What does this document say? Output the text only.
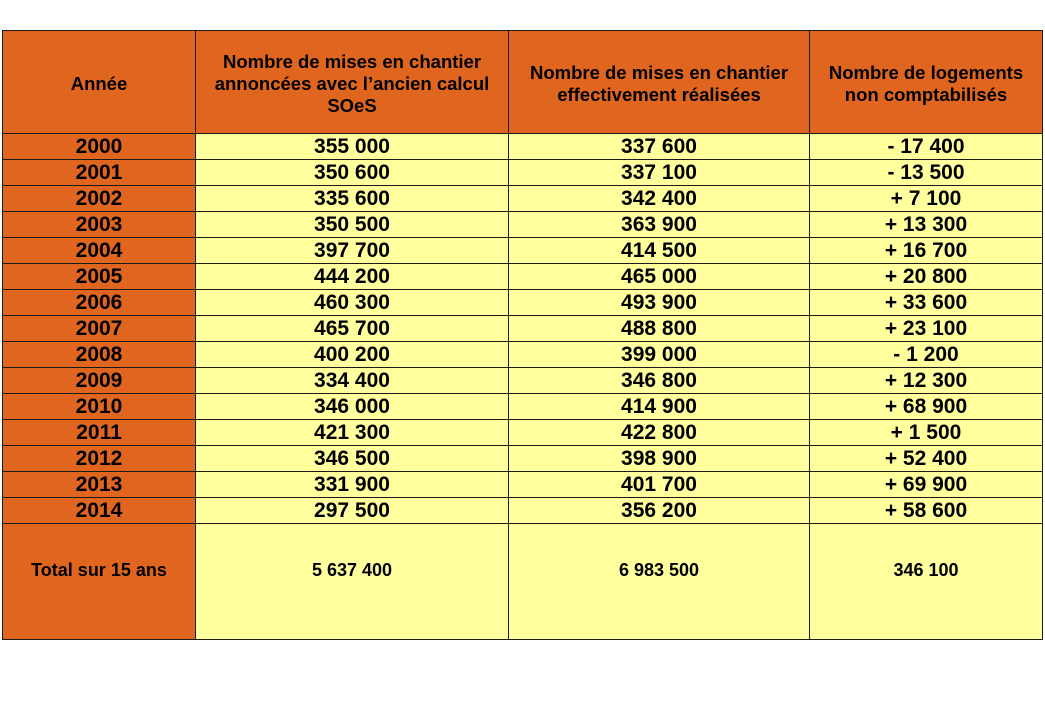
Année	Nombre de mises en chantier annoncées avec l’ancien calcul SOeS	Nombre de mises en chantier effectivement réalisées	Nombre de logements non comptabilisés
2000	355 000	337 600	- 17 400
2001	350 600	337 100	- 13 500
2002	335 600	342 400	+ 7 100
2003	350 500	363 900	+ 13 300
2004	397 700	414 500	+ 16 700
2005	444 200	465 000	+ 20 800
2006	460 300	493 900	+ 33 600
2007	465 700	488 800	+ 23 100
2008	400 200	399 000	- 1 200
2009	334 400	346 800	+ 12 300
2010	346 000	414 900	+ 68 900
2011	421 300	422 800	+ 1 500
2012	346 500	398 900	+ 52 400
2013	331 900	401 700	+ 69 900
2014	297 500	356 200	+ 58 600
Total sur 15 ans	5 637 400	6 983 500	346 100
